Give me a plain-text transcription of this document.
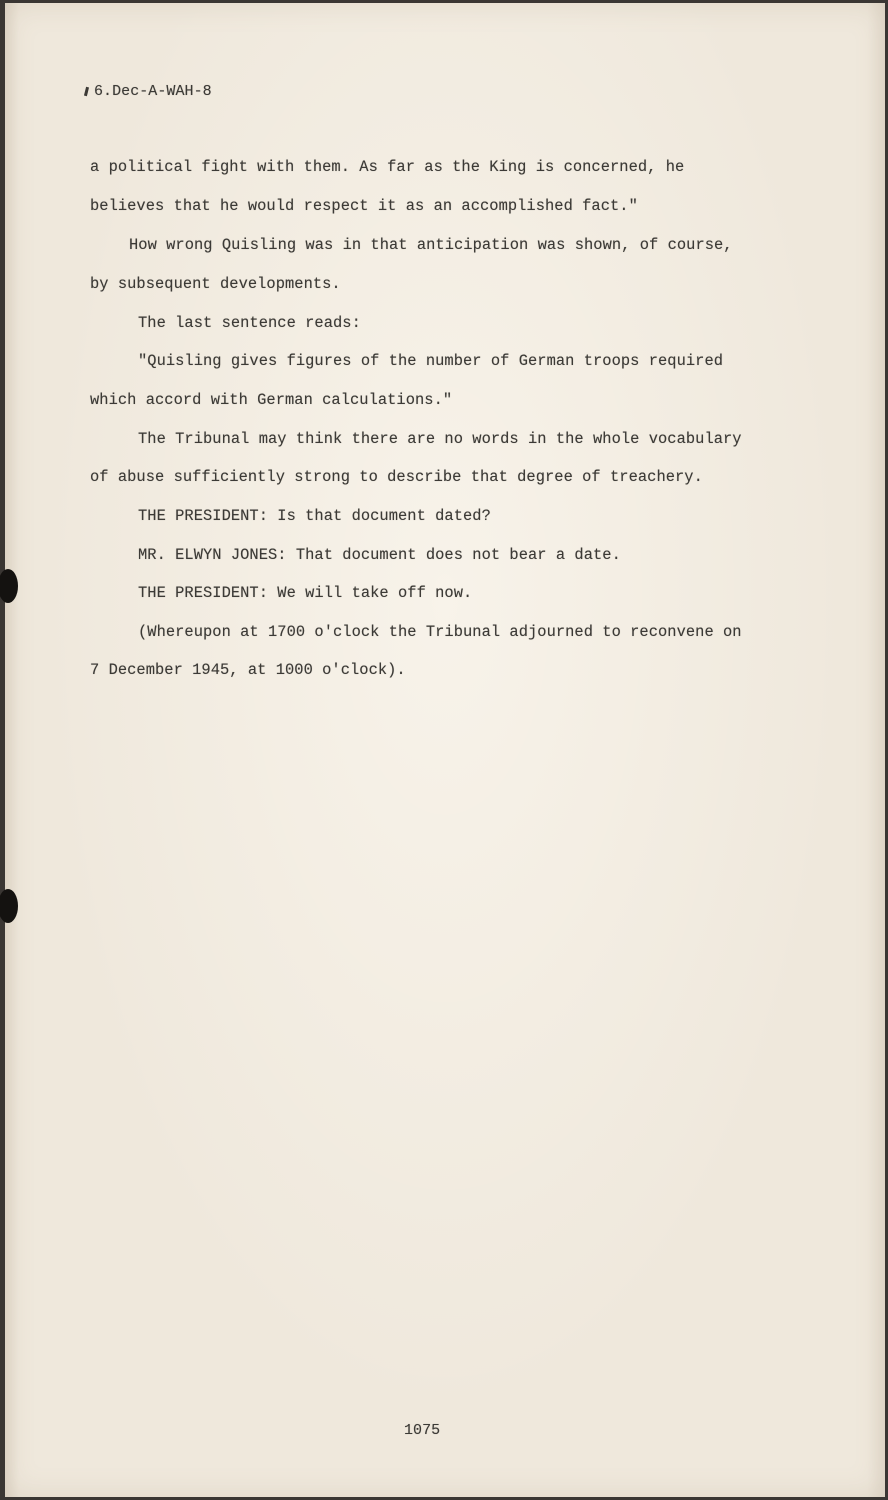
6.Dec-A-WAH-8
a political fight with them. As far as the King is concerned, he
believes that he would respect it as an accomplished fact."
How wrong Quisling was in that anticipation was shown, of course,
by subsequent developments.
The last sentence reads:
"Quisling gives figures of the number of German troops required
which accord with German calculations."
The Tribunal may think there are no words in the whole vocabulary
of abuse sufficiently strong to describe that degree of treachery.
THE PRESIDENT: Is that document dated?
MR. ELWYN JONES: That document does not bear a date.
THE PRESIDENT: We will take off now.
(Whereupon at 1700 o'clock the Tribunal adjourned to reconvene on
7 December 1945, at 1000 o'clock).
1075
